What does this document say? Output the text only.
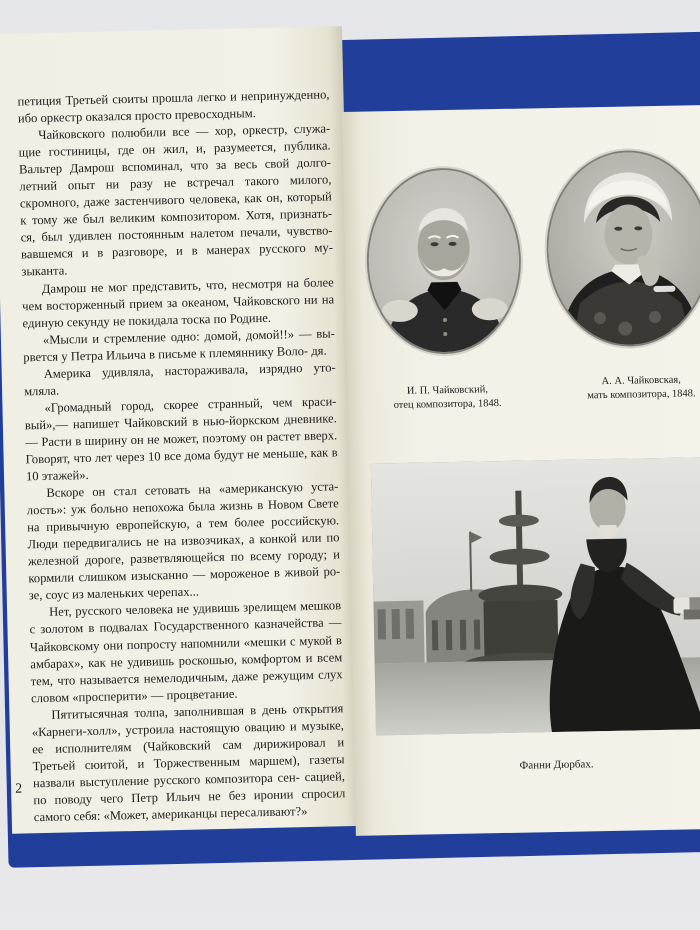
петиция Третьей сюиты прошла легко и непринужденно, ибо оркестр оказался просто превосходным.

Чайковского полюбили все — хор, оркестр, служа- щие гостиницы, где он жил, и, разумеется, публика. Вальтер Дамрош вспоминал, что за весь свой долго- летний опыт ни разу не встречал такого милого, скромного, даже застенчивого человека, как он, который к тому же был великим композитором. Хотя, признать- ся, был удивлен постоянным налетом печали, чувство- вавшемся и в разговоре, и в манерах русского му- зыканта.

Дамрош не мог представить, что, несмотря на более чем восторженный прием за океаном, Чайковского ни на единую секунду не покидала тоска по Родине.

«Мысли и стремление одно: домой, домой!!» — вы- рвется у Петра Ильича в письме к племяннику Воло- дя.

Америка удивляла, настораживала, изрядно уто- мляла.

«Громадный город, скорее странный, чем краси- вый»,— напишет Чайковский в нью-йоркском дневнике.— Расти в ширину он не может, поэтому он растет вверх. Говорят, что лет через 10 все дома будут не меньше, как в 10 этажей».

Вскоре он стал сетовать на «американскую уста- лость»: уж больно непохожа была жизнь в Новом Свете на привычную европейскую, а тем более российскую. Люди передвигались не на извозчиках, а конкой или по железной дороге, разветвляющейся по всему городу; и кормили слишком изысканно — мороженое в живой ро- зе, соус из маленьких черепах...

Нет, русского человека не удивишь зрелищем мешков с золотом в подвалах Государственного казначейства — Чайковскому они попросту напомнили «мешки с мукой в амбарах», как не удивишь роскошью, комфортом и всем тем, что называется немелодичным, даже режущим слух словом «просперити» — процветание.

Пятитысячная толпа, заполнившая в день открытия «Карнеги-холл», устроила настоящую овацию и музыке, ее исполнителям (Чайковский сам дирижировал и Третьей сюитой, и Торжественным маршем), газеты назвали выступление русского композитора сен- сацией, по поводу чего Петр Ильич не без иронии спросил самого себя: «Может, американцы пересаливают?»

2
И. П. Чайковский,
отец композитора, 1848.
А. А. Чайковская,
мать композитора, 1848.
Фанни Дюрбах.
